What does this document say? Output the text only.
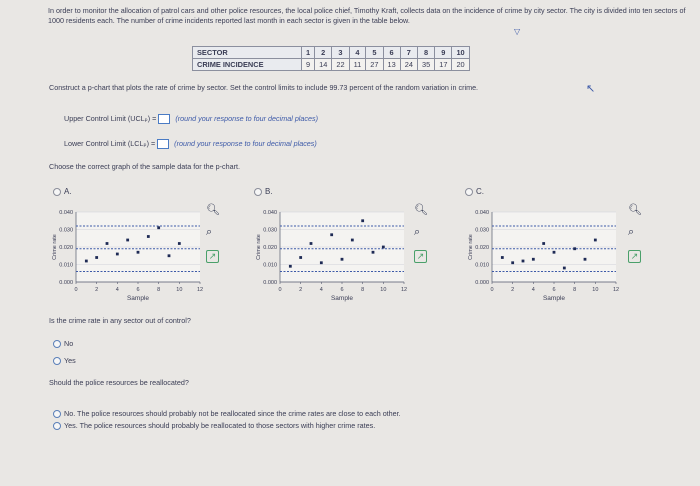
In order to monitor the allocation of patrol cars and other police resources, the local police chief, Timothy Kraft, collects data on the incidence of crime by city sector. The city is divided into ten sectors of 1000 residents each. The number of crime incidents reported last month in each sector is given in the table below.
▽
SECTOR	1	2	3	4	5	6	7	8	9	10
CRIME INCIDENCE	9	14	22	11	27	13	24	35	17	20
Construct a p-chart that plots the rate of crime by sector. Set the control limits to include 99.73 percent of the random variation in crime.	↖
Upper Control Limit (UCLₚ) =	(round your response to four decimal places)
Lower Control Limit (LCLₚ) =	(round your response to four decimal places)
Choose the correct graph of the sample data for the p-chart.
A.	B.	C.
0.000
0.010
0.020
0.030
0.040
0	2	4	6	8	10	12
Crime rate
Sample
0.000
0.010
0.020
0.030
0.040
0	2	4	6	8	10	12
Crime rate
Sample
0.000
0.010
0.020
0.030
0.040
0	2	4	6	8	10	12
Crime rate
Sample
🔍︎
⌕
↗
🔍︎
⌕
↗
🔍︎
⌕
↗
Is the crime rate in any sector out of control?
No
Yes
Should the police resources be reallocated?
No. The police resources should probably not be reallocated since the crime rates are close to each other.
Yes. The police resources should probably be reallocated to those sectors with higher crime rates.
